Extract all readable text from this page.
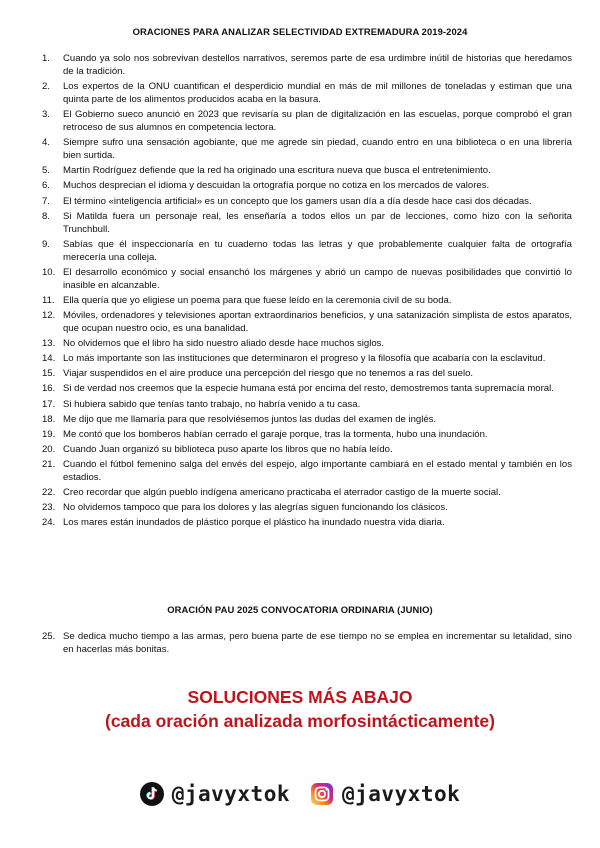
ORACIONES PARA ANALIZAR SELECTIVIDAD EXTREMADURA 2019-2024
1. Cuando ya solo nos sobrevivan destellos narrativos, seremos parte de esa urdimbre inútil de historias que heredamos de la tradición.
2. Los expertos de la ONU cuantifican el desperdicio mundial en más de mil millones de toneladas y estiman que una quinta parte de los alimentos producidos acaba en la basura.
3. El Gobierno sueco anunció en 2023 que revisaría su plan de digitalización en las escuelas, porque comprobó el gran retroceso de sus alumnos en competencia lectora.
4. Siempre sufro una sensación agobiante, que me agrede sin piedad, cuando entro en una biblioteca o en una librería bien surtida.
5. Martín Rodríguez defiende que la red ha originado una escritura nueva que busca el entretenimiento.
6. Muchos desprecian el idioma y descuidan la ortografía porque no cotiza en los mercados de valores.
7. El término «inteligencia artificial» es un concepto que los gamers usan día a día desde hace casi dos décadas.
8. Si Matilda fuera un personaje real, les enseñaría a todos ellos un par de lecciones, como hizo con la señorita Trunchbull.
9. Sabías que él inspeccionaría en tu cuaderno todas las letras y que probablemente cualquier falta de ortografía merecería una colleja.
10. El desarrollo económico y social ensanchó los márgenes y abrió un campo de nuevas posibilidades que convirtió lo inasible en alcanzable.
11. Ella quería que yo eligiese un poema para que fuese leído en la ceremonia civil de su boda.
12. Móviles, ordenadores y televisiones aportan extraordinarios beneficios, y una satanización simplista de estos aparatos, que ocupan nuestro ocio, es una banalidad.
13. No olvidemos que el libro ha sido nuestro aliado desde hace muchos siglos.
14. Lo más importante son las instituciones que determinaron el progreso y la filosofía que acabaría con la esclavitud.
15. Viajar suspendidos en el aire produce una percepción del riesgo que no tenemos a ras del suelo.
16. Si de verdad nos creemos que la especie humana está por encima del resto, demostremos tanta supremacía moral.
17. Si hubiera sabido que tenías tanto trabajo, no habría venido a tu casa.
18. Me dijo que me llamaría para que resolviésemos juntos las dudas del examen de inglés.
19. Me contó que los bomberos habían cerrado el garaje porque, tras la tormenta, hubo una inundación.
20. Cuando Juan organizó su biblioteca puso aparte los libros que no había leído.
21. Cuando el fútbol femenino salga del envés del espejo, algo importante cambiará en el estado mental y también en los estadios.
22. Creo recordar que algún pueblo indígena americano practicaba el aterrador castigo de la muerte social.
23. No olvidemos tampoco que para los dolores y las alegrías siguen funcionando los clásicos.
24. Los mares están inundados de plástico porque el plástico ha inundado nuestra vida diaria.
ORACIÓN PAU 2025 CONVOCATORIA ORDINARIA (JUNIO)
25. Se dedica mucho tiempo a las armas, pero buena parte de ese tiempo no se emplea en incrementar su letalidad, sino en hacerlas más bonitas.
SOLUCIONES MÁS ABAJO
(cada oración analizada morfosintácticamente)
@javyxtok @javyxtok
